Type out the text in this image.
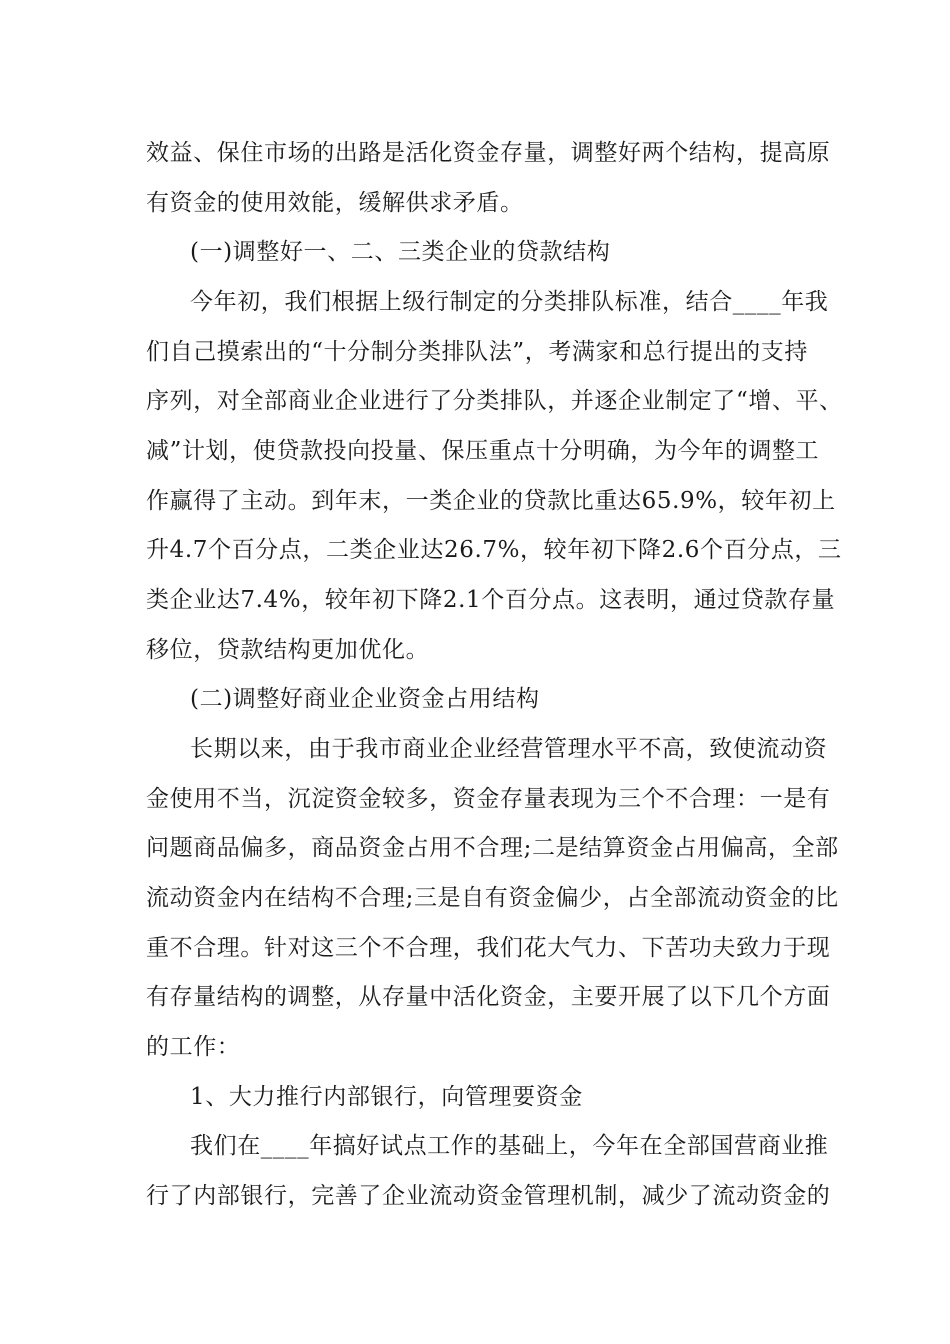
效益、保住市场的出路是活化资金存量，调整好两个结构，提高原
有资金的使用效能，缓解供求矛盾。
(一)调整好一、二、三类企业的贷款结构
今年初，我们根据上级行制定的分类排队标准，结合____年我
们自己摸索出的“十分制分类排队法”，考满家和总行提出的支持
序列，对全部商业企业进行了分类排队，并逐企业制定了“增、平、
减”计划，使贷款投向投量、保压重点十分明确，为今年的调整工
作赢得了主动。到年末，一类企业的贷款比重达65.9%，较年初上
升4.7个百分点，二类企业达26.7%，较年初下降2.6个百分点，三
类企业达7.4%，较年初下降2.1个百分点。这表明，通过贷款存量
移位，贷款结构更加优化。
(二)调整好商业企业资金占用结构
长期以来，由于我市商业企业经营管理水平不高，致使流动资
金使用不当，沉淀资金较多，资金存量表现为三个不合理：一是有
问题商品偏多，商品资金占用不合理;二是结算资金占用偏高，全部
流动资金内在结构不合理;三是自有资金偏少，占全部流动资金的比
重不合理。针对这三个不合理，我们花大气力、下苦功夫致力于现
有存量结构的调整，从存量中活化资金，主要开展了以下几个方面
的工作：
1、大力推行内部银行，向管理要资金
我们在____年搞好试点工作的基础上，今年在全部国营商业推
行了内部银行，完善了企业流动资金管理机制，减少了流动资金的
